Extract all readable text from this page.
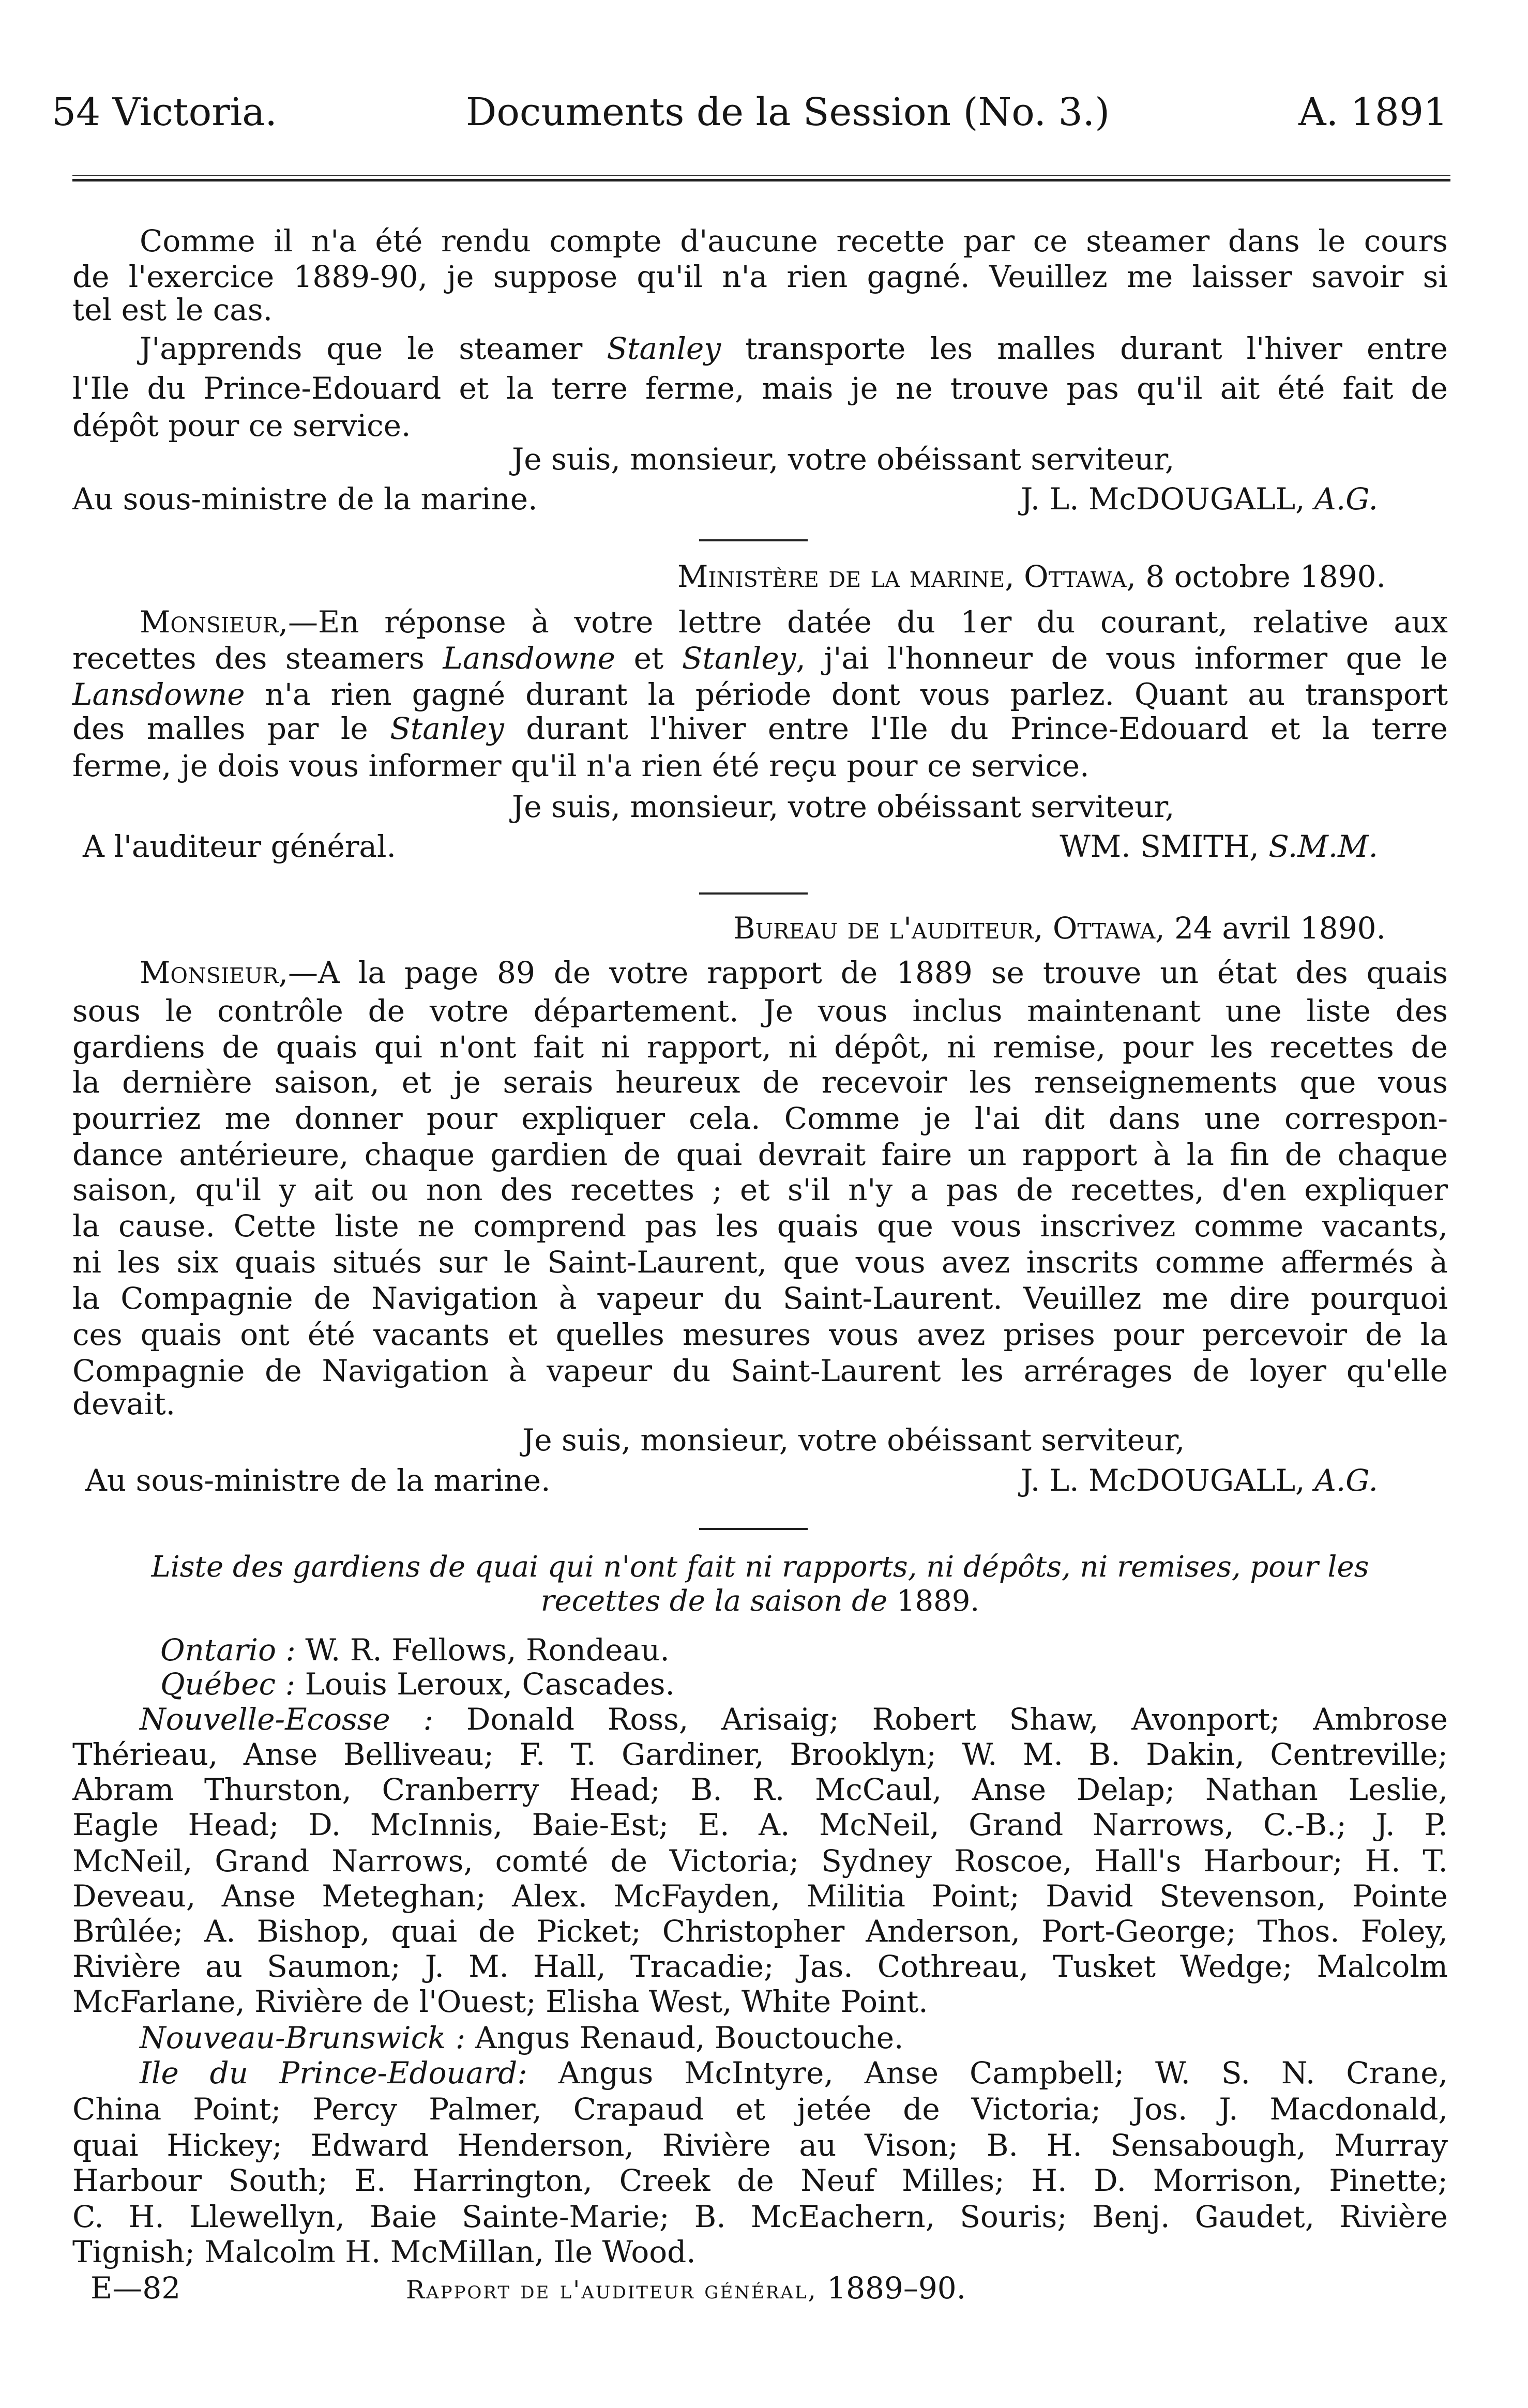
54 Victoria.	Documents de la Session (No. 3.)	A. 1891
Comme il n'a été rendu compte d'aucune recette par ce steamer dans le cours
de l'exercice 1889-90, je suppose qu'il n'a rien gagné. Veuillez me laisser savoir si
tel est le cas.
J'apprends que le steamer Stanley transporte les malles durant l'hiver entre
l'Ile du Prince-Edouard et la terre ferme, mais je ne trouve pas qu'il ait été fait de
dépôt pour ce service.
Je suis, monsieur, votre obéissant serviteur,
Au sous-ministre de la marine.	J. L. McDOUGALL, A.G.
Ministère de la marine, Ottawa, 8 octobre 1890.
Monsieur,—En réponse à votre lettre datée du 1er du courant, relative aux
recettes des steamers Lansdowne et Stanley, j'ai l'honneur de vous informer que le
Lansdowne n'a rien gagné durant la période dont vous parlez. Quant au transport
des malles par le Stanley durant l'hiver entre l'Ile du Prince-Edouard et la terre
ferme, je dois vous informer qu'il n'a rien été reçu pour ce service.
Je suis, monsieur, votre obéissant serviteur,
A l'auditeur général.	WM. SMITH, S.M.M.
Bureau de l'auditeur, Ottawa, 24 avril 1890.
Monsieur,—A la page 89 de votre rapport de 1889 se trouve un état des quais
sous le contrôle de votre département. Je vous inclus maintenant une liste des
gardiens de quais qui n'ont fait ni rapport, ni dépôt, ni remise, pour les recettes de
la dernière saison, et je serais heureux de recevoir les renseignements que vous
pourriez me donner pour expliquer cela. Comme je l'ai dit dans une correspon-
dance antérieure, chaque gardien de quai devrait faire un rapport à la fin de chaque
saison, qu'il y ait ou non des recettes ; et s'il n'y a pas de recettes, d'en expliquer
la cause. Cette liste ne comprend pas les quais que vous inscrivez comme vacants,
ni les six quais situés sur le Saint-Laurent, que vous avez inscrits comme affermés à
la Compagnie de Navigation à vapeur du Saint-Laurent. Veuillez me dire pourquoi
ces quais ont été vacants et quelles mesures vous avez prises pour percevoir de la
Compagnie de Navigation à vapeur du Saint-Laurent les arrérages de loyer qu'elle
devait.
Je suis, monsieur, votre obéissant serviteur,
Au sous-ministre de la marine.	J. L. McDOUGALL, A.G.
Liste des gardiens de quai qui n'ont fait ni rapports, ni dépôts, ni remises, pour les
recettes de la saison de 1889.
Ontario : W. R. Fellows, Rondeau.
Québec : Louis Leroux, Cascades.
Nouvelle-Ecosse : Donald Ross, Arisaig; Robert Shaw, Avonport; Ambrose
Thérieau, Anse Belliveau; F. T. Gardiner, Brooklyn; W. M. B. Dakin, Centreville;
Abram Thurston, Cranberry Head; B. R. McCaul, Anse Delap; Nathan Leslie,
Eagle Head; D. McInnis, Baie-Est; E. A. McNeil, Grand Narrows, C.-B.; J. P.
McNeil, Grand Narrows, comté de Victoria; Sydney Roscoe, Hall's Harbour; H. T.
Deveau, Anse Meteghan; Alex. McFayden, Militia Point; David Stevenson, Pointe
Brûlée; A. Bishop, quai de Picket; Christopher Anderson, Port-George; Thos. Foley,
Rivière au Saumon; J. M. Hall, Tracadie; Jas. Cothreau, Tusket Wedge; Malcolm
McFarlane, Rivière de l'Ouest; Elisha West, White Point.
Nouveau-Brunswick : Angus Renaud, Bouctouche.
Ile du Prince-Edouard: Angus McIntyre, Anse Campbell; W. S. N. Crane,
China Point; Percy Palmer, Crapaud et jetée de Victoria; Jos. J. Macdonald,
quai Hickey; Edward Henderson, Rivière au Vison; B. H. Sensabough, Murray
Harbour South; E. Harrington, Creek de Neuf Milles; H. D. Morrison, Pinette;
C. H. Llewellyn, Baie Sainte-Marie; B. McEachern, Souris; Benj. Gaudet, Rivière
Tignish; Malcolm H. McMillan, Ile Wood.
E—82	Rapport de l'auditeur général, 1889–90.
